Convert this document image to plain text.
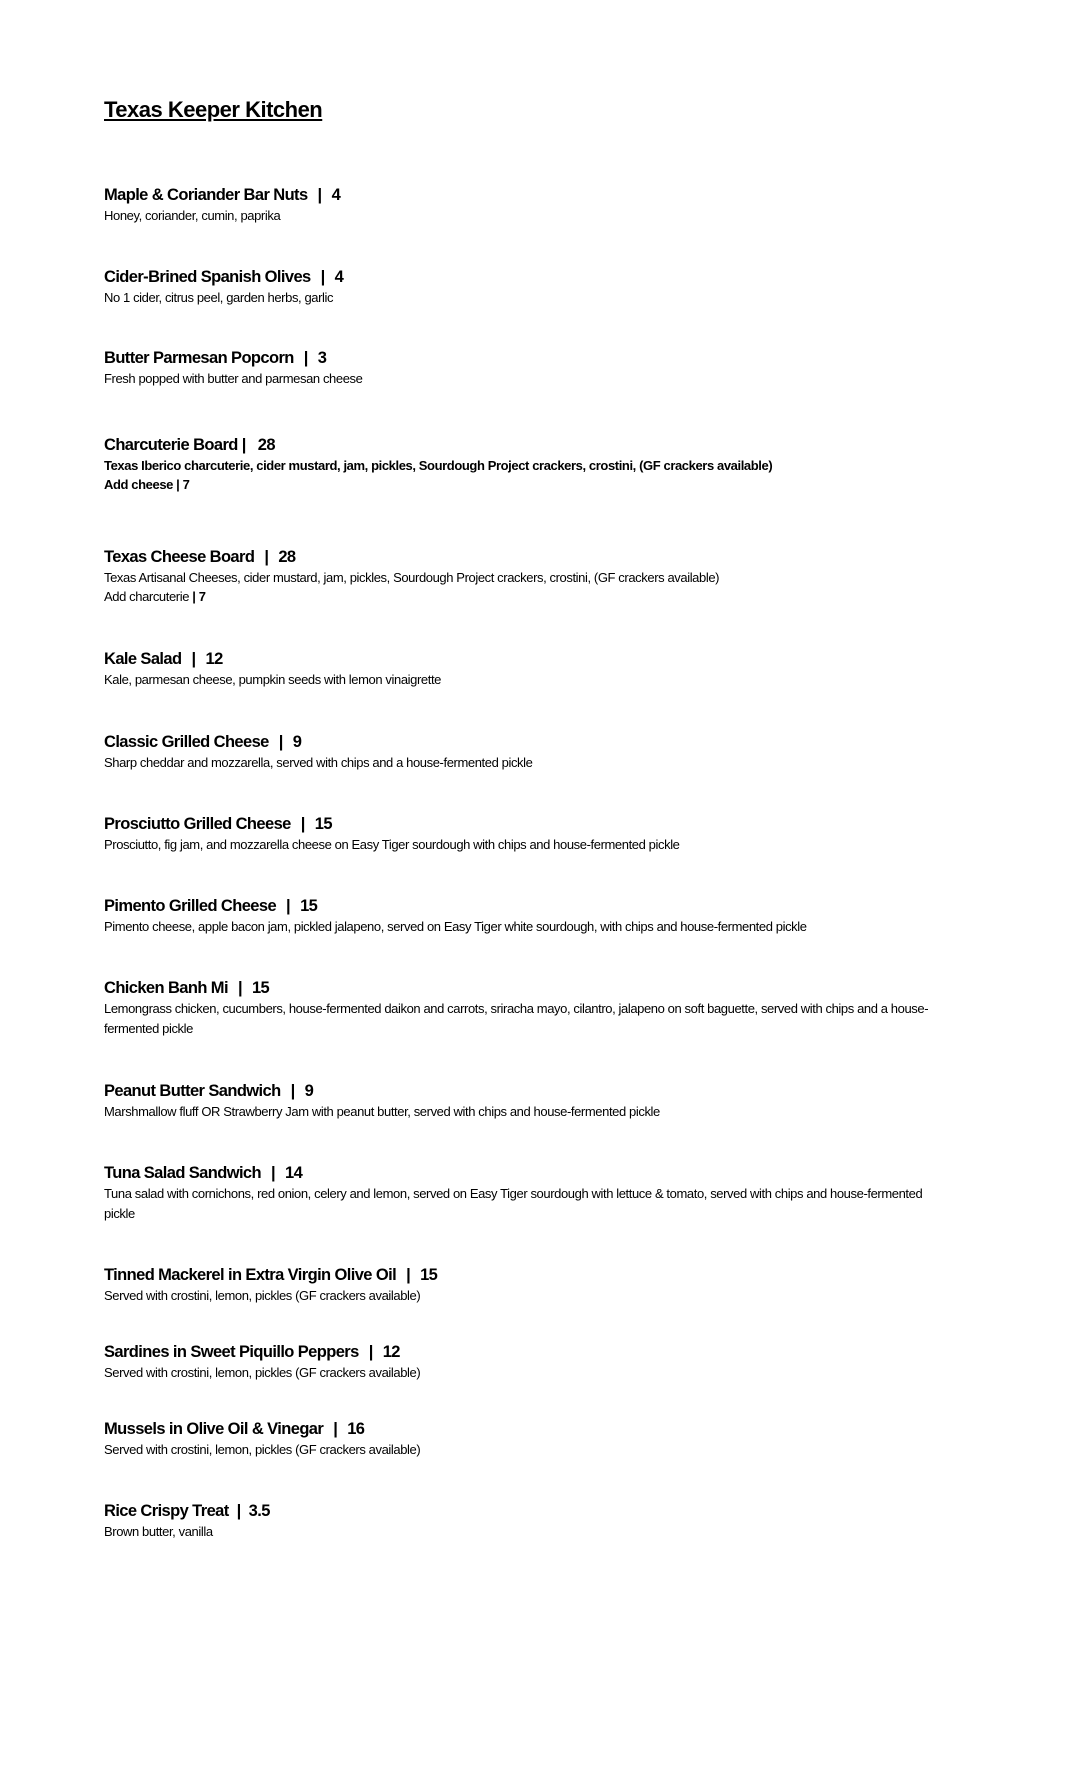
Texas Keeper Kitchen
Maple & Coriander Bar Nuts | 4
Honey, coriander, cumin, paprika
Cider-Brined Spanish Olives | 4
No 1 cider, citrus peel, garden herbs, garlic
Butter Parmesan Popcorn | 3
Fresh popped with butter and parmesan cheese
Charcuterie Board | 28
Texas Iberico charcuterie, cider mustard, jam, pickles, Sourdough Project crackers, crostini, (GF crackers available)
Add cheese | 7
Texas Cheese Board | 28
Texas Artisanal Cheeses, cider mustard, jam, pickles, Sourdough Project crackers, crostini, (GF crackers available)
Add charcuterie | 7
Kale Salad | 12
Kale, parmesan cheese, pumpkin seeds with lemon vinaigrette
Classic Grilled Cheese | 9
Sharp cheddar and mozzarella, served with chips and a house-fermented pickle
Prosciutto Grilled Cheese | 15
Prosciutto, fig jam, and mozzarella cheese on Easy Tiger sourdough with chips and house-fermented pickle
Pimento Grilled Cheese | 15
Pimento cheese, apple bacon jam, pickled jalapeno, served on Easy Tiger white sourdough, with chips and house-fermented pickle
Chicken Banh Mi | 15
Lemongrass chicken, cucumbers, house-fermented daikon and carrots, sriracha mayo, cilantro, jalapeno on soft baguette, served with chips and a house-fermented pickle
Peanut Butter Sandwich | 9
Marshmallow fluff OR Strawberry Jam with peanut butter, served with chips and house-fermented pickle
Tuna Salad Sandwich | 14
Tuna salad with cornichons, red onion, celery and lemon, served on Easy Tiger sourdough with lettuce & tomato, served with chips and house-fermented pickle
Tinned Mackerel in Extra Virgin Olive Oil | 15
Served with crostini, lemon, pickles (GF crackers available)
Sardines in Sweet Piquillo Peppers | 12
Served with crostini, lemon, pickles (GF crackers available)
Mussels in Olive Oil & Vinegar | 16
Served with crostini, lemon, pickles (GF crackers available)
Rice Crispy Treat | 3.5
Brown butter, vanilla
